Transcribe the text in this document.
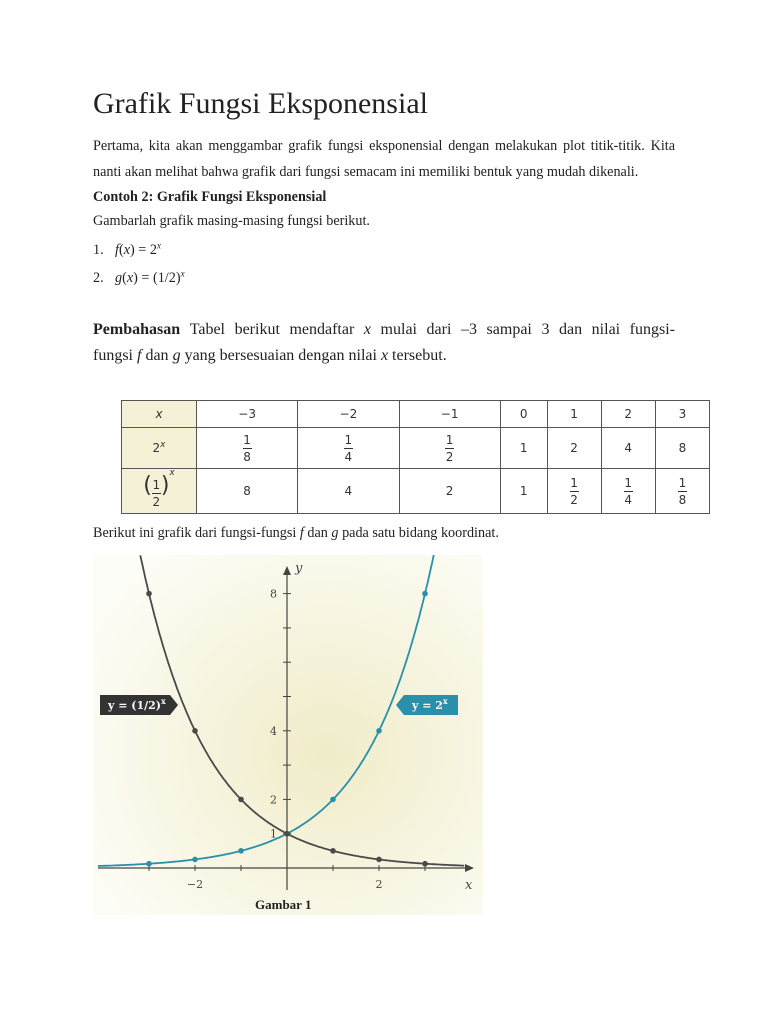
Grafik Fungsi Eksponensial

Pertama, kita akan menggambar grafik fungsi eksponensial dengan melakukan plot titik-titik. Kita nanti akan melihat bahwa grafik dari fungsi semacam ini memiliki bentuk yang mudah dikenali.

Contoh 2: Grafik Fungsi Eksponensial

Gambarlah grafik masing-masing fungsi berikut.

1. $f(x) = 2^x$

2. $g(x) = (1/2)^x$

Pembahasan Tabel berikut mendaftar x mulai dari –3 sampai 3 dan nilai fungsi-
fungsi f dan g yang bersesuaian dengan nilai x tersebut.
x	−3	−2	−1	0	1	2	3
2$^x$	$\frac{1}{8}$	$\frac{1}{4}$	$\frac{1}{2}$	1	2	4	8
( $\frac{1}{2} )^x$	8	4	2	1	$\frac{1}{2}$	$\frac{1}{4}$	$\frac{1}{8}$

Berikut ini grafik dari fungsi-fungsi f dan g pada satu bidang koordinat.

−2	2
1
2
4
8
x
y
$y = (1/2)^x$	$y = 2^x$
Gambar 1
